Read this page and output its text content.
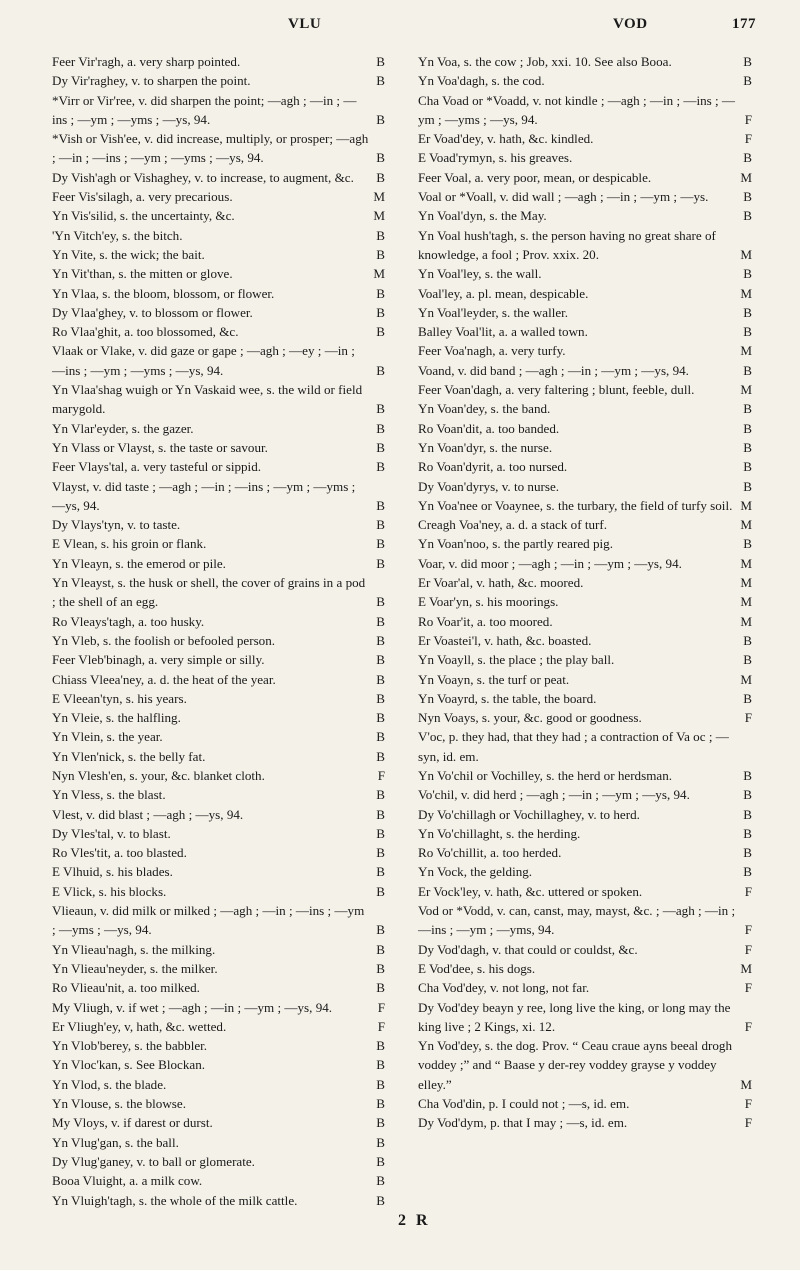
VLU	VOD	177
Feer Vir'ragh, a. very sharp pointed.	B
Dy Vir'raghey, v. to sharpen the point.	B
*Virr or Vir'ree, v. did sharpen the point; —agh ; —in ; —ins ; —ym ; —yms ; —ys, 94.	B
*Vish or Vish'ee, v. did increase, multiply, or prosper; —agh ; —in ; —ins ; —ym ; —yms ; —ys, 94.	B
Dy Vish'agh or Vishaghey, v. to increase, to augment, &c. B
Feer Vis'silagh, a. very precarious.	M
Yn Vis'silid, s. the uncertainty, &c.	M
'Yn Vitch'ey, s. the bitch.	B
Yn Vite, s. the wick; the bait.	B
Yn Vit'than, s. the mitten or glove.	M
Yn Vlaa, s. the bloom, blossom, or flower.	B
Dy Vlaa'ghey, v. to blossom or flower.	B
Ro Vlaa'ghit, a. too blossomed, &c.	B
Vlaak or Vlake, v. did gaze or gape ; —agh ; —ey ; —in ; —ins ; —ym ; —yms ; —ys, 94.	B
Yn Vlaa'shag wuigh or Yn Vaskaid wee, s. the wild or field marygold.	B
Yn Vlar'eyder, s. the gazer.	B
Yn Vlass or Vlayst, s. the taste or savour.	B
Feer Vlays'tal, a. very tasteful or sippid.	B
Vlayst, v. did taste ; —agh ; —in ; —ins ; —ym ; —yms ; —ys, 94.	B
Dy Vlays'tyn, v. to taste.	B
E Vlean, s. his groin or flank.	B
Yn Vleayn, s. the emerod or pile.	B
Yn Vleayst, s. the husk or shell, the cover of grains in a pod ; the shell of an egg.	B
Ro Vleays'tagh, a. too husky.	B
Yn Vleb, s. the foolish or befooled person.	B
Feer Vleb'binagh, a. very simple or silly.	B
Chiass Vleea'ney, a. d. the heat of the year.	B
E Vleean'tyn, s. his years.	B
Yn Vleie, s. the halfling.	B
Yn Vlein, s. the year.	B
Yn Vlen'nick, s. the belly fat.	B
Nyn Vlesh'en, s. your, &c. blanket cloth.	F
Yn Vless, s. the blast.	B
Vlest, v. did blast ; —agh ; —ys, 94.	B
Dy Vles'tal, v. to blast.	B
Ro Vles'tit, a. too blasted.	B
E Vlhuid, s. his blades.	B
E Vlick, s. his blocks.	B
Vlieaun, v. did milk or milked ; —agh ; —in ; —ins ; —ym ; —yms ; —ys, 94.	B
Yn Vlieau'nagh, s. the milking.	B
Yn Vlieau'neyder, s. the milker.	B
Ro Vlieau'nit, a. too milked.	B
My Vliugh, v. if wet ; —agh ; —in ; —ym ; —ys, 94.	F
Er Vliugh'ey, v, hath, &c. wetted.	F
Yn Vlob'berey, s. the babbler.	B
Yn Vloc'kan, s. See Blockan.	B
Yn Vlod, s. the blade.	B
Yn Vlouse, s. the blowse.	B
My Vloys, v. if darest or durst.	B
Yn Vlug'gan, s. the ball.	B
Dy Vlug'ganey, v. to ball or glomerate.	B
Booa Vluight, a. a milk cow.	B
Yn Vluigh'tagh, s. the whole of the milk cattle.	B
Yn Voa, s. the cow ; Job, xxi. 10. See also Booa.	B
Yn Voa'dagh, s. the cod.	B
Cha Voad or *Voadd, v. not kindle ; —agh ; —in ; —ins ; —ym ; —yms ; —ys, 94.	F
Er Voad'dey, v. hath, &c. kindled.	F
E Voad'rymyn, s. his greaves.	B
Feer Voal, a. very poor, mean, or despicable.	M
Voal or *Voall, v. did wall ; —agh ; —in ; —ym ; —ys.	B
Yn Voal'dyn, s. the May.	B
Yn Voal hush'tagh, s. the person having no great share of knowledge, a fool ; Prov. xxix. 20.	M
Yn Voal'ley, s. the wall.	B
Voal'ley, a. pl. mean, despicable.	M
Yn Voal'leyder, s. the waller.	B
Balley Voal'lit, a. a walled town.	B
Feer Voa'nagh, a. very turfy.	M
Voand, v. did band ; —agh ; —in ; —ym ; —ys, 94.	B
Feer Voan'dagh, a. very faltering ; blunt, feeble, dull.	M
Yn Voan'dey, s. the band.	B
Ro Voan'dit, a. too banded.	B
Yn Voan'dyr, s. the nurse.	B
Ro Voan'dyrit, a. too nursed.	B
Dy Voan'dyrys, v. to nurse.	B
Yn Voa'nee or Voaynee, s. the turbary, the field of turfy soil. M
Creagh Voa'ney, a. d. a stack of turf.	M
Yn Voan'noo, s. the partly reared pig.	B
Voar, v. did moor ; —agh ; —in ; —ym ; —ys, 94.	M
Er Voar'al, v. hath, &c. moored.	M
E Voar'yn, s. his moorings.	M
Ro Voar'it, a. too moored.	M
Er Voastei'l, v. hath, &c. boasted.	B
Yn Voayll, s. the place ; the play ball.	B
Yn Voayn, s. the turf or peat.	M
Yn Voayrd, s. the table, the board.	B
Nyn Voays, s. your, &c. good or goodness.	F
V'oc, p. they had, that they had ; a contraction of Va oc ; —syn, id. em.
Yn Vo'chil or Vochilley, s. the herd or herdsman.	B
Vo'chil, v. did herd ; —agh ; —in ; —ym ; —ys, 94.	B
Dy Vo'chillagh or Vochillaghey, v. to herd.	B
Yn Vo'chillaght, s. the herding.	B
Ro Vo'chillit, a. too herded.	B
Yn Vock, the gelding.	B
Er Vock'ley, v. hath, &c. uttered or spoken.	F
Vod or *Vodd, v. can, canst, may, mayst, &c. ; —agh ; —in ; —ins ; —ym ; —yms, 94.	F
Dy Vod'dagh, v. that could or couldst, &c.	F
E Vod'dee, s. his dogs.	M
Cha Vod'dey, v. not long, not far.	F
Dy Vod'dey beayn y ree, long live the king, or long may the king live ; 2 Kings, xi. 12.	F
Yn Vod'dey, s. the dog. Prov. “ Ceau craue ayns beeal drogh voddey ;” and “ Baase y der-rey voddey grayse y voddey elley.”	M
Cha Vod'din, p. I could not ; —s, id. em.	F
Dy Vod'dym, p. that I may ; —s, id. em.	F
2 R
